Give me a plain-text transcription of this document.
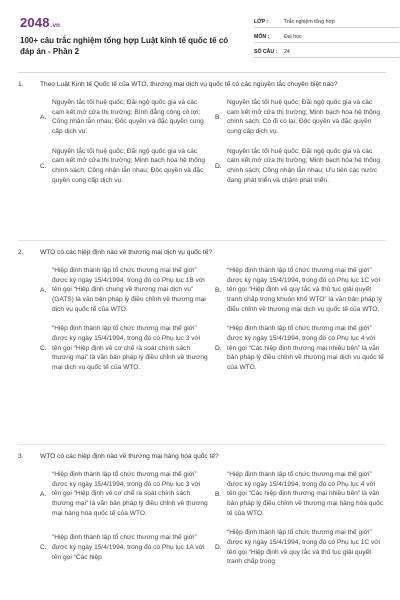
2048.vn
100+ câu trắc nghiệm tổng hợp Luật kinh tế quốc tế có đáp án - Phần 2
LỚP :	Trắc nghiệm tổng hợp
MÔN :	Đại học
SỐ CÂU :	24
1.	Theo Luật Kinh tế Quốc tế của WTO, thương mại dịch vụ quốc tế có các nguyên tắc chuyên biệt nào?
A.
Nguyên tắc tối huệ quốc; Đãi ngộ quốc gia và các cam kết mở cửa thị trường; Bình đẳng công có lợi; Công nhận lẫn nhau; Đôc quyền và đặc quyền cung cấp dịch vụ.
B.
Nguyên tắc tối huệ quốc; Đãi ngộ quốc gia và các cam kết mở cửa thị trường; Minh bạch hóa hệ thống chính sách; Có đi có lại; Độc quyền và đặc quyền cung cấp dịch vụ.
C.
Nguyên tắc tối huệ quốc; Đãi ngộ quốc gia và các cam kết mở cửa thị trường; Minh bạch hóa hệ thống chính sách; Công nhận lẫn nhau; Độc quyền và đặc quyền cung cấp dịch vụ.
D.
Nguyên tắc tối huệ quốc; Đãi ngộ quốc gia và các cam kết mở cửa thị trường; Minh bạch hóa hệ thống chính sách; Công nhận lẫn nhau; Ưu tiên các nước đang phát triển và chậm phát triển.
2.	WTO có các hiệp định nào về thương mại dịch vụ quốc tế?
A.
“Hiệp định thành lập tổ chức thương mại thế giới” được ký ngày 15/4/1994, trong đó có Phụ lục 1B với tên gọi “Hiệp định chung về thương mại dịch vụ” (GATS) là văn bản pháp lý điều chỉnh về thương mại dịch vụ quốc tế của WTO.
B.
“Hiệp định thành lập tổ chức thương mại thế giới” được ký ngày 15/4/1994, trong đó có Phụ lục 1C với tên gọi “Hiệp định về quy tắc và thủ tục giải quyết tranh chấp trong khuôn khổ WTO” là văn bản pháp lý điều chỉnh về thương mại dịch vụ quốc tế của WTO.
C.
“Hiệp định thành lập tổ chức thương mại thế giới” được ký ngày 15/4/1994, trong đó có Phụ lục 3 với tên gọi “Hiệp định về cơ chế rà soát chính sách thương mại” là văn bản pháp lý điều chỉnh về thương mại dịch vụ quốc tế của WTO.
D.
“Hiệp định thành lập tổ chức thương mại thế giới” được ký ngày 15/4/1994, trong đó có Phụ lục 4 với tên gọi “Các hiệp định thương mại nhiều bên” là văn bản pháp lý điều chỉnh về thương mại dịch vụ quốc tế của WTO.
3.	WTO có các hiệp định nào về thương mại hàng hóa quốc tế?
A.
“Hiệp định thành lập tổ chức thương mại thế giới” được ký ngày 15/4/1994, trong đó có Phụ lục 3 với tên gọi “Hiệp định về cơ chế rà soát chính sách thương mại” là văn bản pháp lý điều chỉnh về thương mại hàng hóa quốc tế của WTO.
B.
“Hiệp định thành lập tổ chức thương mại thế giới” được ký ngày 15/4/1994, trong đó có Phụ lục 4 với tên gọi “Các hiệp định thương mại nhiều bên” là văn bản pháp lý điều chỉnh về thương mại hàng hóa quốc tế của WTO.
C.
“Hiệp định thành lập tổ chức thương mại thế giới” được ký ngày 15/4/1994, trong đó có Phụ lục 1A với tên gọi “Các hiệp
D.
“Hiệp định thành lập tổ chức thương mại thế giới” được ký ngày 15/4/1994, trong đó có Phụ lục 1C với tên gọi “Hiệp định về quy tắc và thủ tục giải quyết tranh chấp trong
